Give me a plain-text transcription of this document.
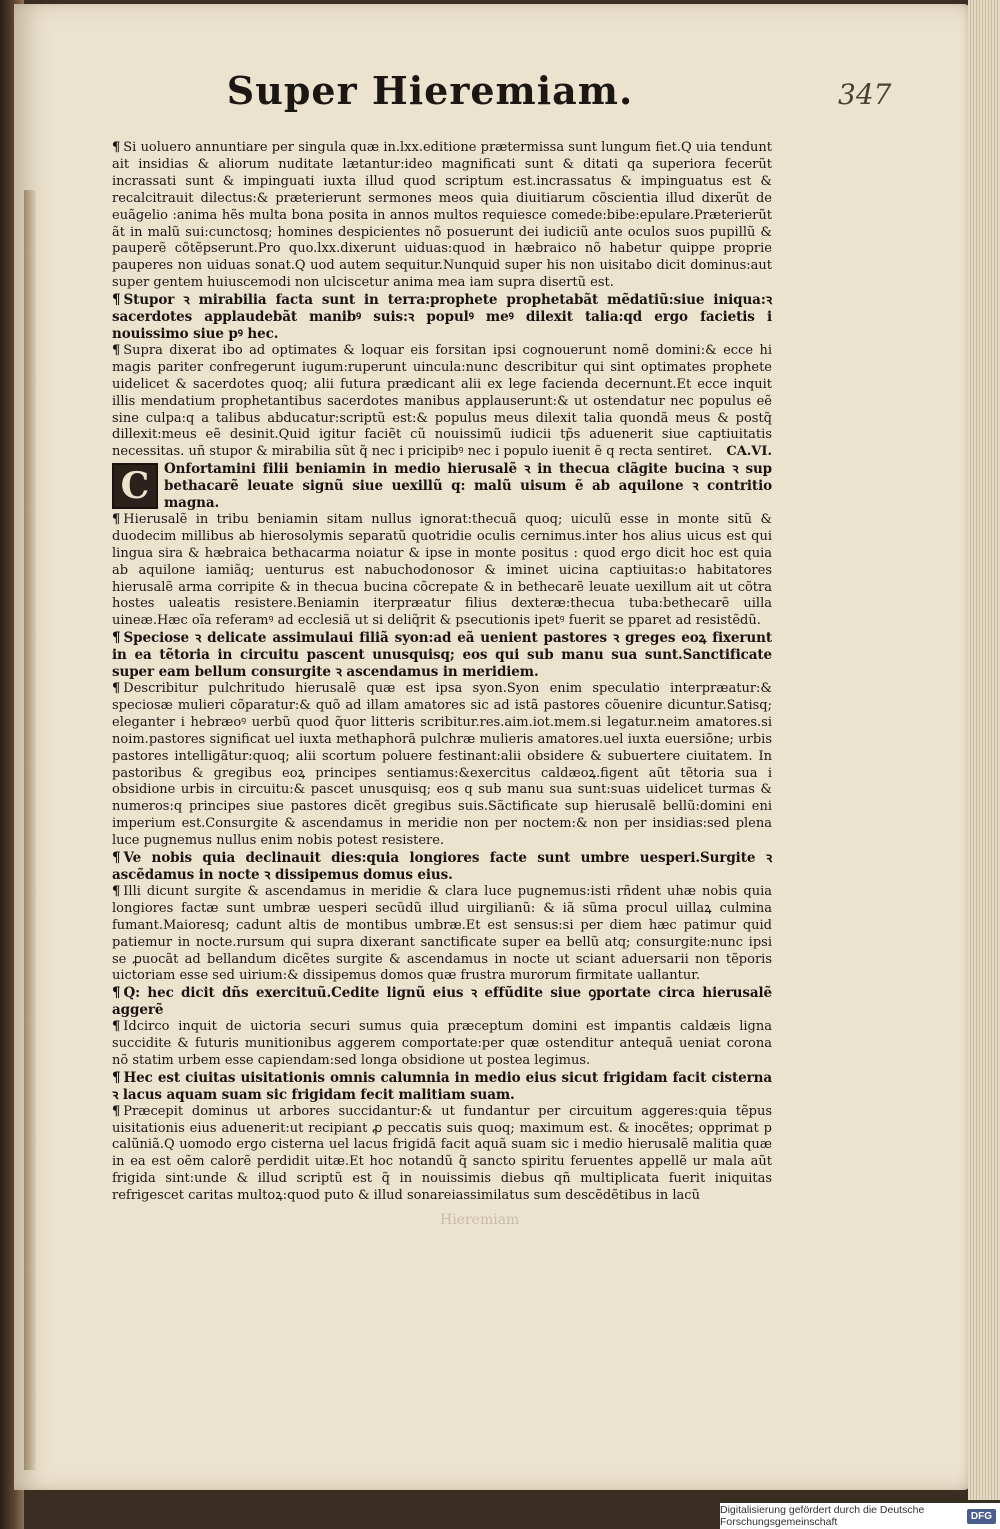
Super Hieremiam.	347

¶ Si uoluero annuntiare per singula quæ in.lxx.editione prætermissa sunt lungum fiet.Q uia tendunt ait insidias & aliorum nuditate lætantur:ideo magnificati sunt & ditati qa superiora fecerũt incrassati sunt & impinguati iuxta illud quod scriptum est.incrassatus & impinguatus est & recalcitrauit dilectus:& præterierunt sermones meos quia diuitiarum cõscientia illud dixerũt de euãgelio :anima hẽs multa bona posita in annos multos requiesce comede:bibe:epulare.Præterierũt ãt in malũ sui:cunctosq; homines despicientes nõ posuerunt dei iudiciũ ante oculos suos pupillũ & pauperẽ cõtẽpserunt.Pro quo.lxx.dixerunt uiduas:quod in hæbraico nõ habetur quippe proprie pauperes non uiduas sonat.Q uod autem sequitur.Nunquid super his non uisitabo dicit dominus:aut super gentem huiuscemodi non ulciscetur anima mea iam supra disertũ est.

¶ Stupor ꝛ mirabilia facta sunt in terra:prophete prophetabãt mẽdatiũ:siue iniqua:ꝛ sacerdotes applaudebãt manibꝰ suis:ꝛ populꝰ meꝰ dilexit talia:qd ergo facietis i nouissimo siue pꝰ hec.

¶ Supra dixerat ibo ad optimates & loquar eis forsitan ipsi cognouerunt nomẽ domini:& ecce hi magis pariter confregerunt iugum:ruperunt uincula:nunc describitur qui sint optimates prophete uidelicet & sacerdotes quoq; alii futura prædicant alii ex lege facienda decernunt.Et ecce inquit illis mendatium prophetantibus sacerdotes manibus applauserunt:& ut ostendatur nec populus eẽ sine culpa:q a talibus abducatur:scriptũ est:& populus meus dilexit talia quondã meus & postq̃ dillexit:meus eẽ desinit.Quid igitur faciẽt cũ nouissimũ iudicii tp̃s aduenerit siue captiuitatis necessitas. uñ stupor & mirabilia sũt q̃ nec i pricipibꝰ nec i populo iuenit ẽ q recta sentiret. CA.VI.

C	Onfortamini filii beniamin in medio hierusalẽ ꝛ in thecua clãgite bucina ꝛ sup bethacarẽ leuate signũ siue uexillũ q: malũ uisum ẽ ab aquilone ꝛ contritio magna.

¶ Hierusalẽ in tribu beniamin sitam nullus ignorat:thecuã quoq; uiculũ esse in monte sitũ & duodecim millibus ab hierosolymis separatũ quotridie oculis cernimus.inter hos alius uicus est qui lingua sira & hæbraica bethacarma noiatur & ipse in monte positus : quod ergo dicit hoc est quia ab aquilone iamiãq; uenturus est nabuchodonosor & iminet uicina captiuitas:o habitatores hierusalẽ arma corripite & in thecua bucina cõcrepate & in bethecarẽ leuate uexillum ait ut cõtra hostes ualeatis resistere.Beniamin iterpræatur filius dexteræ:thecua tuba:bethecarẽ uilla uineæ.Hæc oĩa referamꝰ ad ecclesiã ut si deliq̃rit & psecutionis ipetꝰ fuerit se pparet ad resistẽdũ.

¶ Speciose ꝛ delicate assimulaui filiã syon:ad eã uenient pastores ꝛ greges eoꝝ fixerunt in ea tẽtoria in circuitu pascent unusquisq; eos qui sub manu sua sunt.Sanctificate super eam bellum consurgite ꝛ ascendamus in meridiem.

¶ Describitur pulchritudo hierusalẽ quæ est ipsa syon.Syon enim speculatio interpræatur:& speciosæ mulieri cõparatur:& quõ ad illam amatores sic ad istã pastores cõuenire dicuntur.Satisq; eleganter i hebræoꝰ uerbũ quod q̃uor litteris scribitur.res.aim.iot.mem.si legatur.neim amatores.si noim.pastores significat uel iuxta methaphorã pulchræ mulieris amatores.uel iuxta euersiõne; urbis pastores intelligãtur:quoq; alii scortum poluere festinant:alii obsidere & subuertere ciuitatem. In pastoribus & gregibus eoꝝ principes sentiamus:&exercitus caldæoꝝ.figent aũt tẽtoria sua i obsidione urbis in circuitu:& pascet unusquisq; eos q sub manu sua sunt:suas uidelicet turmas & numeros:q principes siue pastores dicẽt gregibus suis.Sãctificate sup hierusalẽ bellũ:domini eni imperium est.Consurgite & ascendamus in meridie non per noctem:& non per insidias:sed plena luce pugnemus nullus enim nobis potest resistere.

¶ Ve nobis quia declinauit dies:quia longiores facte sunt umbre uesperi.Surgite ꝛ ascẽdamus in nocte ꝛ dissipemus domus eius.

¶ Illi dicunt surgite & ascendamus in meridie & clara luce pugnemus:isti rñdent uhæ nobis quia longiores factæ sunt umbræ uesperi secũdũ illud uirgilianũ: & iã sũma procul uillaꝝ culmina fumant.Maioresq; cadunt altis de montibus umbræ.Et est sensus:si per diem hæc patimur quid patiemur in nocte.rursum qui supra dixerant sanctificate super ea bellũ atq; consurgite:nunc ipsi se ꝓuocãt ad bellandum dicẽtes surgite & ascendamus in nocte ut sciant aduersarii non tẽporis uictoriam esse sed uirium:& dissipemus domos quæ frustra murorum firmitate uallantur.

¶ Q: hec dicit dñs exercituũ.Cedite lignũ eius ꝛ effũdite siue ꝯportate circa hierusalẽ aggerẽ

¶ Idcirco inquit de uictoria securi sumus quia præceptum domini est impantis caldæis ligna succidite & futuris munitionibus aggerem comportate:per quæ ostenditur antequã ueniat corona nõ statim urbem esse capiendam:sed longa obsidione ut postea legimus.

¶ Hec est ciuitas uisitationis omnis calumnia in medio eius sicut frigidam facit cisterna ꝛ lacus aquam suam sic frigidam fecit malitiam suam.

¶ Præcepit dominus ut arbores succidantur:& ut fundantur per circuitum aggeres:quia tẽpus uisitationis eius aduenerit:ut recipiant ꝓ peccatis suis quoq; maximum est. & inocẽtes; opprimat p calũniã.Q uomodo ergo cisterna uel lacus frigidã facit aquã suam sic i medio hierusalẽ malitia quæ in ea est oẽm calorẽ perdidit uitæ.Et hoc notandũ q̃ sancto spiritu feruentes appellẽ ur mala aũt frigida sint:unde & illud scriptũ est q̃ in nouissimis diebus qñ multiplicata fuerit iniquitas refrigescet caritas multoꝝ:quod puto & illud sonareiassimilatus sum descẽdẽtibus in lacũ

Hieremiam
Digitalisierung gefördert durch die Deutsche Forschungsgemeinschaft	DFG
